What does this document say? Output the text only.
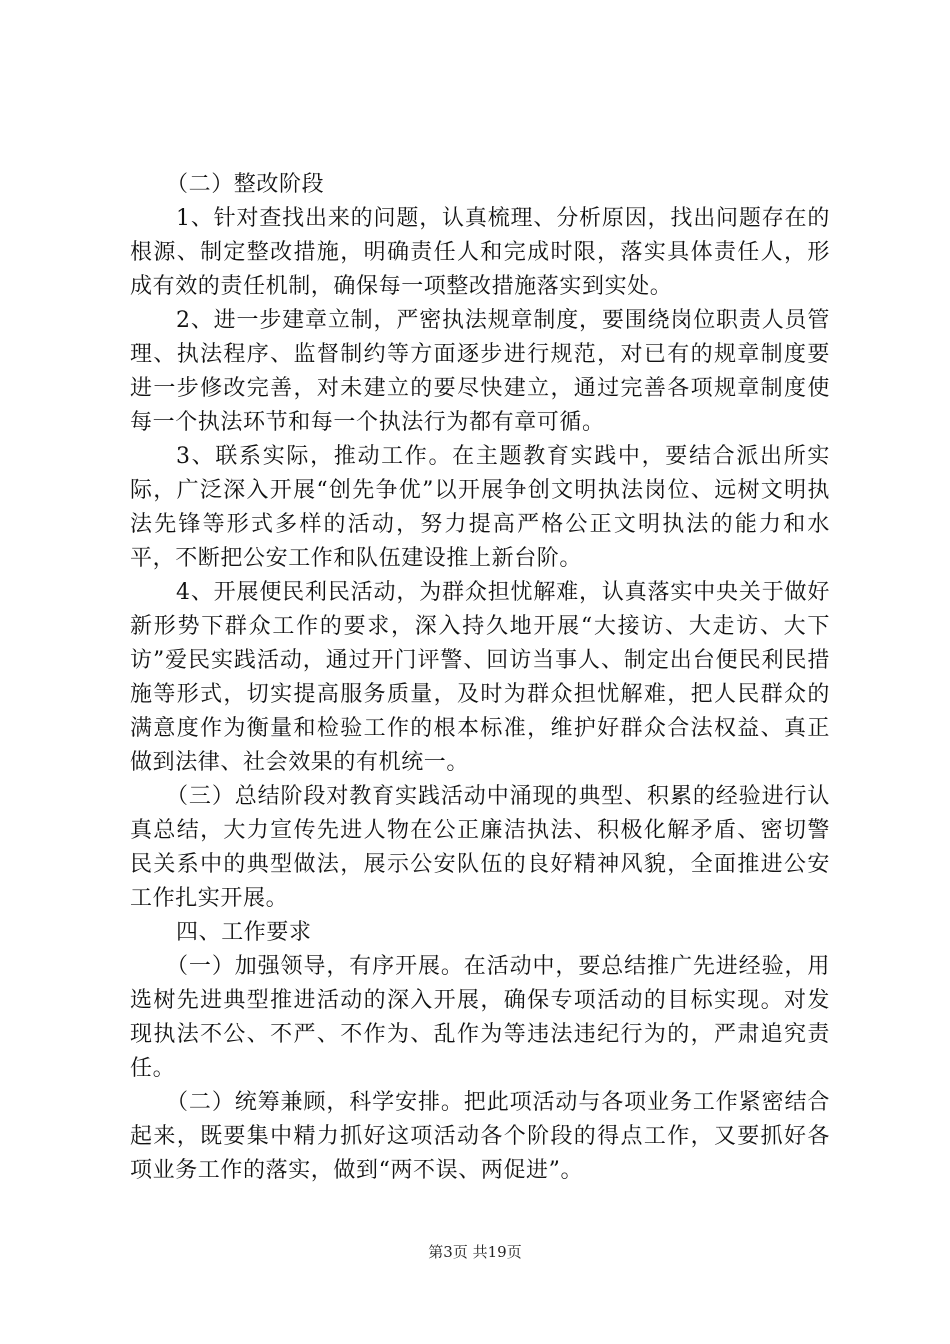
（二）整改阶段

1、针对查找出来的问题，认真梳理、分析原因，找出问题存在的根源、制定整改措施，明确责任人和完成时限，落实具体责任人，形成有效的责任机制，确保每一项整改措施落实到实处。

2、进一步建章立制，严密执法规章制度，要围绕岗位职责人员管理、执法程序、监督制约等方面逐步进行规范，对已有的规章制度要进一步修改完善，对未建立的要尽快建立，通过完善各项规章制度使每一个执法环节和每一个执法行为都有章可循。

3、联系实际，推动工作。在主题教育实践中，要结合派出所实际，广泛深入开展“创先争优”以开展争创文明执法岗位、远树文明执法先锋等形式多样的活动，努力提高严格公正文明执法的能力和水平，不断把公安工作和队伍建设推上新台阶。

4、开展便民利民活动，为群众担忧解难，认真落实中央关于做好新形势下群众工作的要求，深入持久地开展“大接访、大走访、大下访”爱民实践活动，通过开门评警、回访当事人、制定出台便民利民措施等形式，切实提高服务质量，及时为群众担忧解难，把人民群众的满意度作为衡量和检验工作的根本标准，维护好群众合法权益、真正做到法律、社会效果的有机统一。

（三）总结阶段对教育实践活动中涌现的典型、积累的经验进行认真总结，大力宣传先进人物在公正廉洁执法、积极化解矛盾、密切警民关系中的典型做法，展示公安队伍的良好精神风貌，全面推进公安工作扎实开展。

四、工作要求

（一）加强领导，有序开展。在活动中，要总结推广先进经验，用选树先进典型推进活动的深入开展，确保专项活动的目标实现。对发现执法不公、不严、不作为、乱作为等违法违纪行为的，严肃追究责任。

（二）统筹兼顾，科学安排。把此项活动与各项业务工作紧密结合起来，既要集中精力抓好这项活动各个阶段的得点工作，又要抓好各项业务工作的落实，做到“两不误、两促进”。

第3页 共19页
